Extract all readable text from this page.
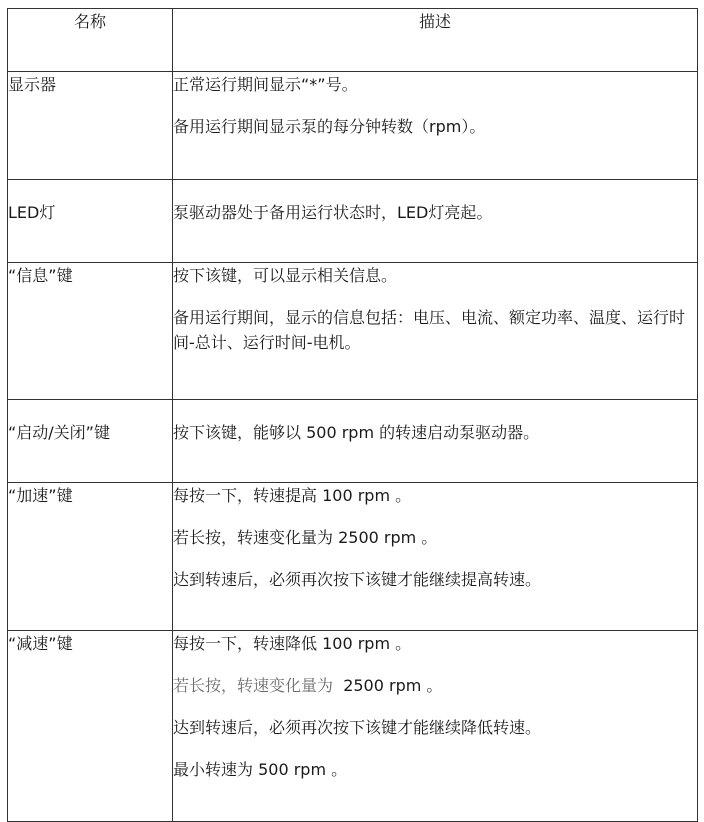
名称	描述
显示器	正常运行期间显示“*”号。

备用运行期间显示泵的每分钟转数（rpm）。

LED灯	泵驱动器处于备用运行状态时，LED灯亮起。

“信息”键	按下该键，可以显示相关信息。

备用运行期间，显示的信息包括：电压、电流、额定功率、温度、运行时间-总计、运行时间-电机。

“启动/关闭”键	按下该键，能够以 500 rpm 的转速启动泵驱动器。

“加速”键	每按一下，转速提高 100 rpm 。

若长按，转速变化量为 2500 rpm 。

达到转速后，必须再次按下该键才能继续提高转速。

“减速”键	每按一下，转速降低 100 rpm 。

若长按，转速变化量为 2500 rpm 。

达到转速后，必须再次按下该键才能继续降低转速。

最小转速为 500 rpm 。
